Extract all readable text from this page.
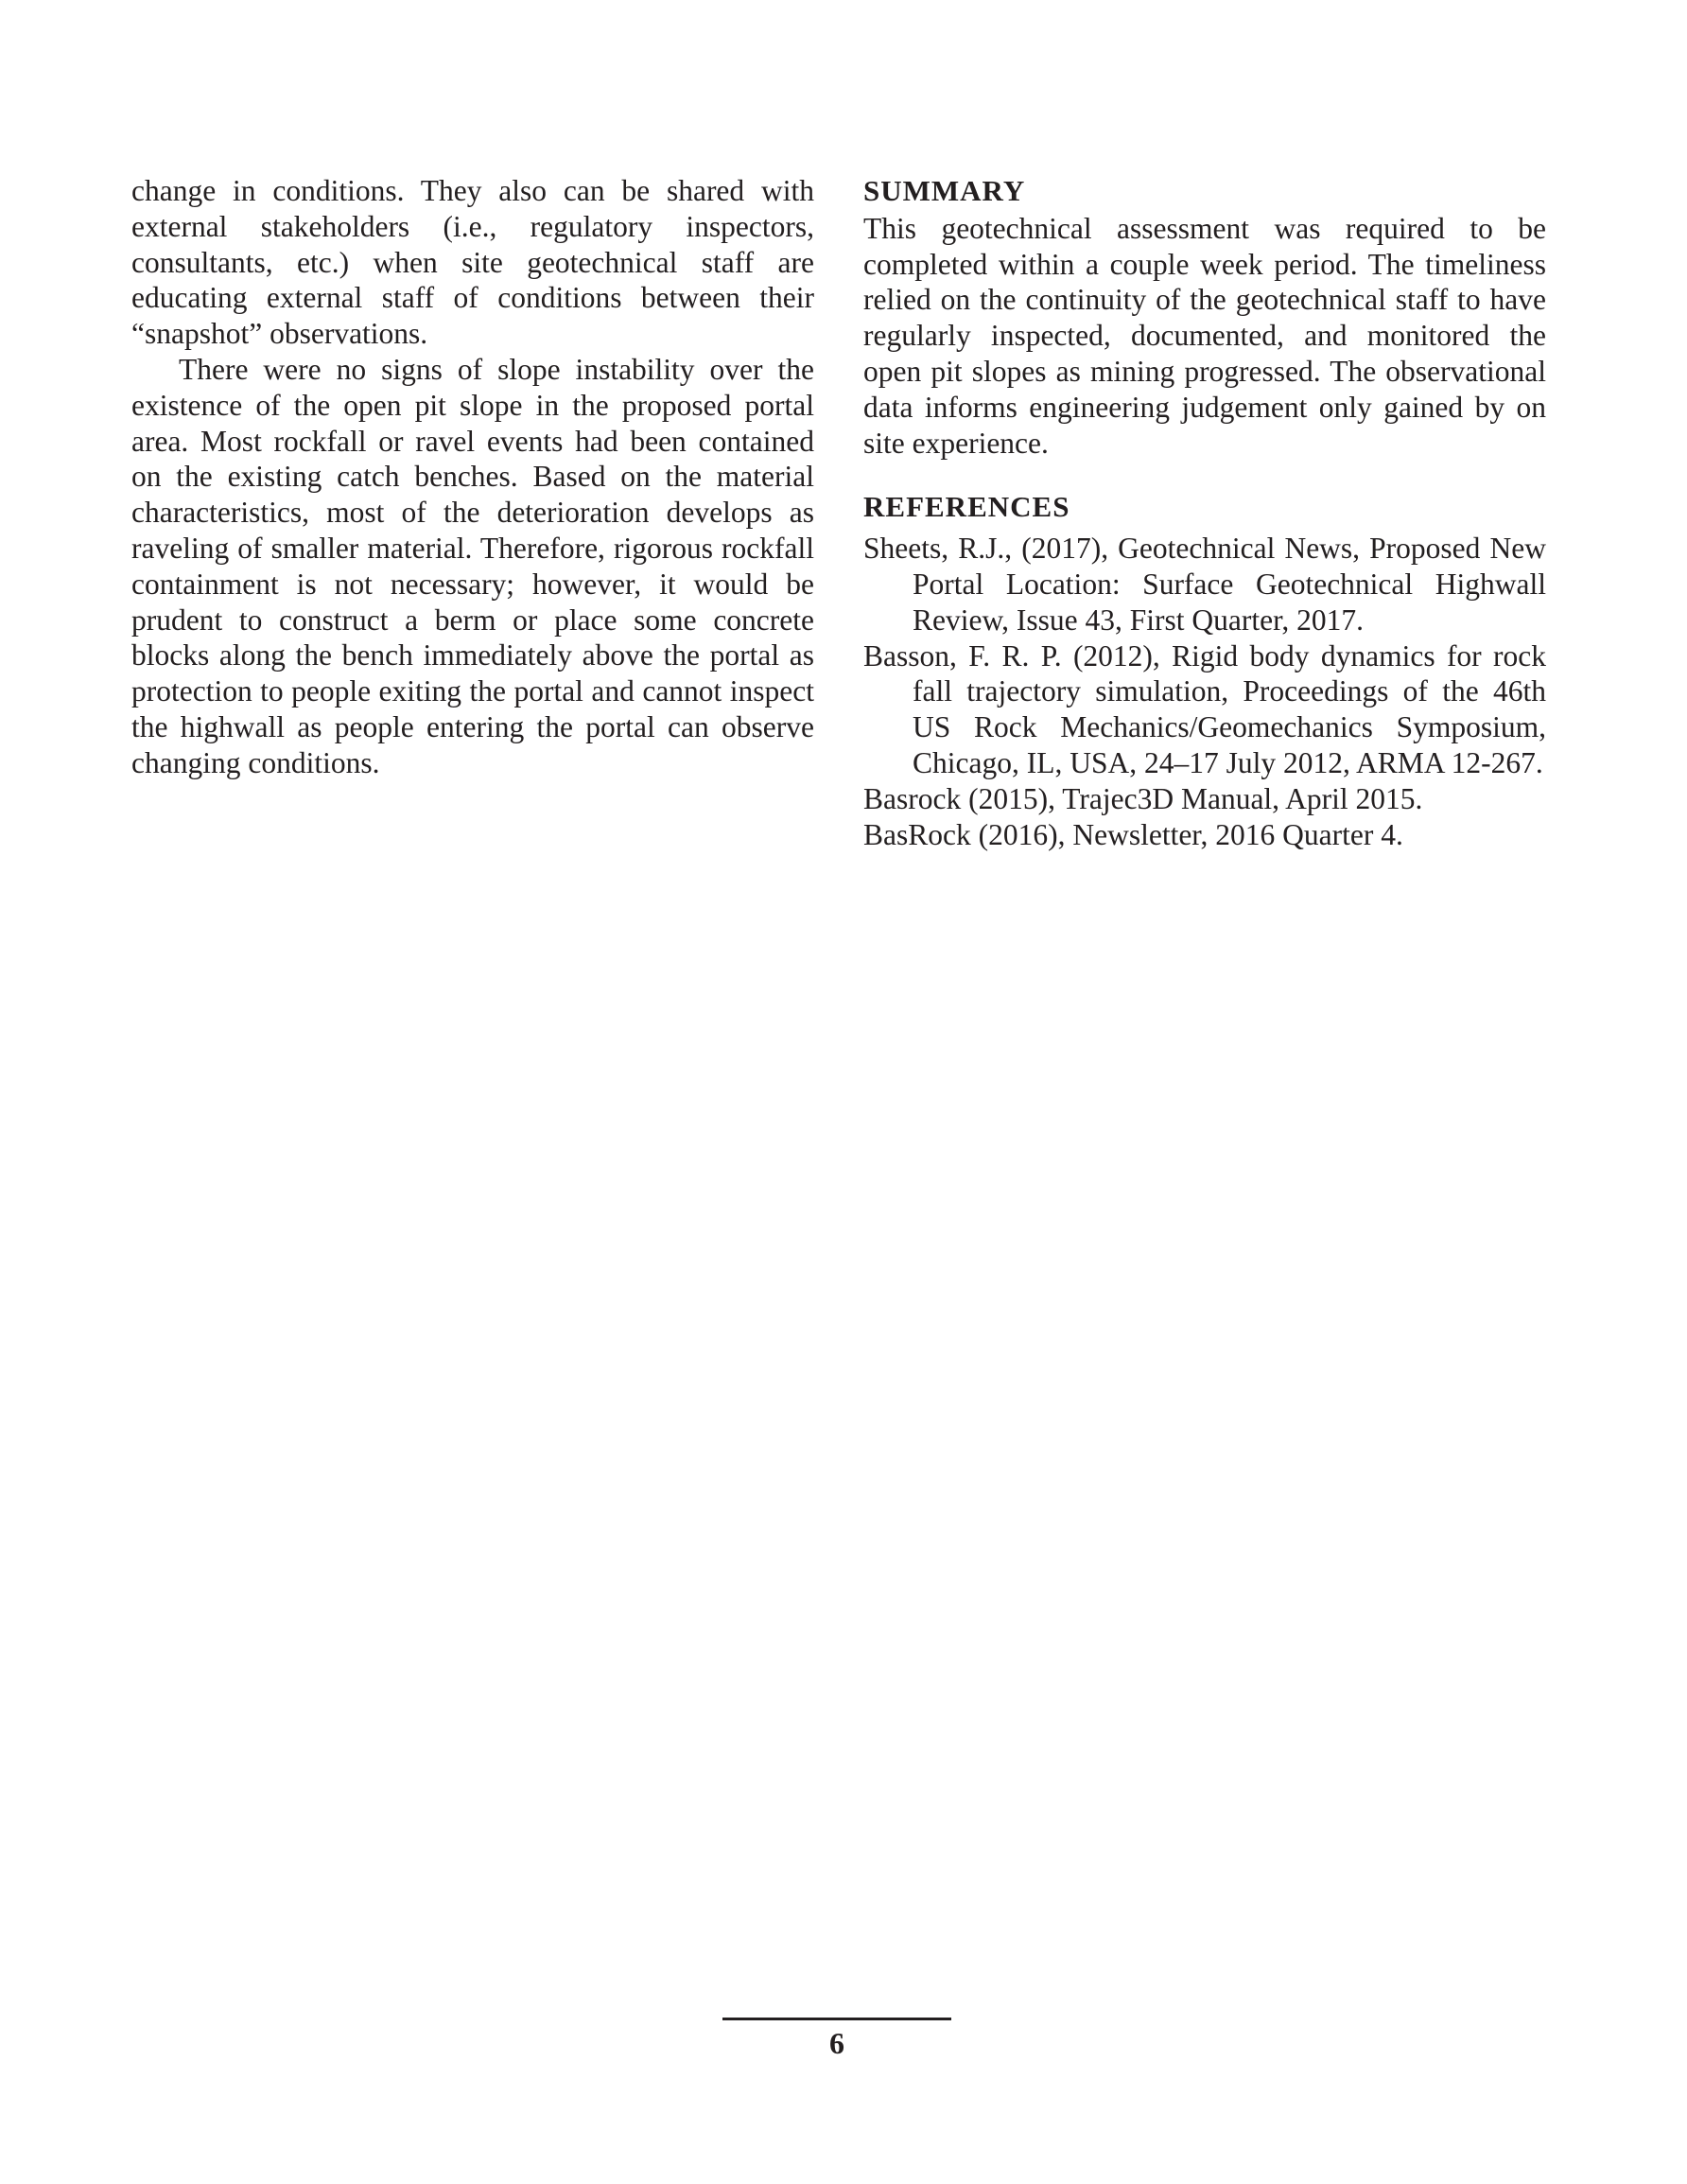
change in conditions. They also can be shared with external stakeholders (i.e., regulatory inspectors, consultants, etc.) when site geotechnical staff are educating external staff of conditions between their “snapshot” observations.

There were no signs of slope instability over the existence of the open pit slope in the proposed portal area. Most rockfall or ravel events had been contained on the existing catch benches. Based on the material characteristics, most of the deterioration develops as raveling of smaller material. Therefore, rigorous rockfall containment is not necessary; however, it would be prudent to construct a berm or place some concrete blocks along the bench immediately above the portal as protection to people exiting the portal and cannot inspect the highwall as people entering the portal can observe changing conditions.

SUMMARY

This geotechnical assessment was required to be completed within a couple week period. The timeliness relied on the continuity of the geotechnical staff to have regularly inspected, documented, and monitored the open pit slopes as mining progressed. The observational data informs engineering judgement only gained by on site experience.

REFERENCES
Sheets, R.J., (2017), Geotechnical News, Proposed New Portal Location: Surface Geotechnical Highwall Review, Issue 43, First Quarter, 2017.
Basson, F. R. P. (2012), Rigid body dynamics for rock fall trajectory simulation, Proceedings of the 46th US Rock Mechanics/Geomechanics Symposium, Chicago, IL, USA, 24–17 July 2012, ARMA 12-267.
Basrock (2015), Trajec3D Manual, April 2015.
BasRock (2016), Newsletter, 2016 Quarter 4.
6
